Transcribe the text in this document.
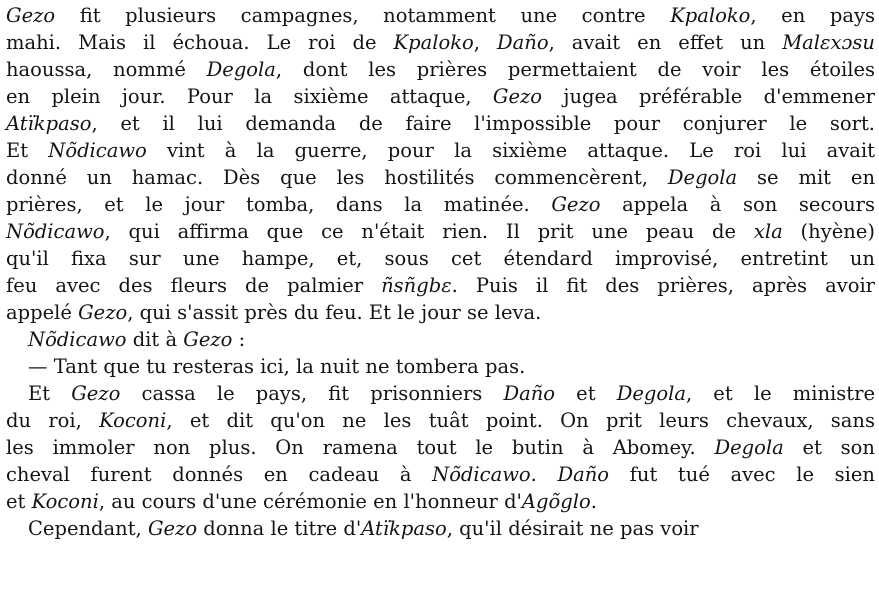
Gezo fit plusieurs campagnes, notamment une contre Kpaloko, en pays
mahi. Mais il échoua. Le roi de Kpaloko, Daño, avait en effet un Malɛxɔsu
haoussa, nommé Degola, dont les prières permettaient de voir les étoiles
en plein jour. Pour la sixième attaque, Gezo jugea préférable d'emmener
Atïkpaso, et il lui demanda de faire l'impossible pour conjurer le sort.
Et Nõdicawo vint à la guerre, pour la sixième attaque. Le roi lui avait
donné un hamac. Dès que les hostilités commencèrent, Degola se mit en
prières, et le jour tomba, dans la matinée. Gezo appela à son secours
Nõdicawo, qui affirma que ce n'était rien. Il prit une peau de xla (hyène)
qu'il fixa sur une hampe, et, sous cet étendard improvisé, entretint un
feu avec des fleurs de palmier ñsñgbɛ. Puis il fit des prières, après avoir
appelé Gezo, qui s'assit près du feu. Et le jour se leva.
Nõdicawo dit à Gezo :
— Tant que tu resteras ici, la nuit ne tombera pas.
Et Gezo cassa le pays, fit prisonniers Daño et Degola, et le ministre
du roi, Koconi, et dit qu'on ne les tuât point. On prit leurs chevaux, sans
les immoler non plus. On ramena tout le butin à Abomey. Degola et son
cheval furent donnés en cadeau à Nõdicawo. Daño fut tué avec le sien
et Koconi, au cours d'une cérémonie en l'honneur d'Agõglo.
Cependant, Gezo donna le titre d'Atïkpaso, qu'il désirait ne pas voir
